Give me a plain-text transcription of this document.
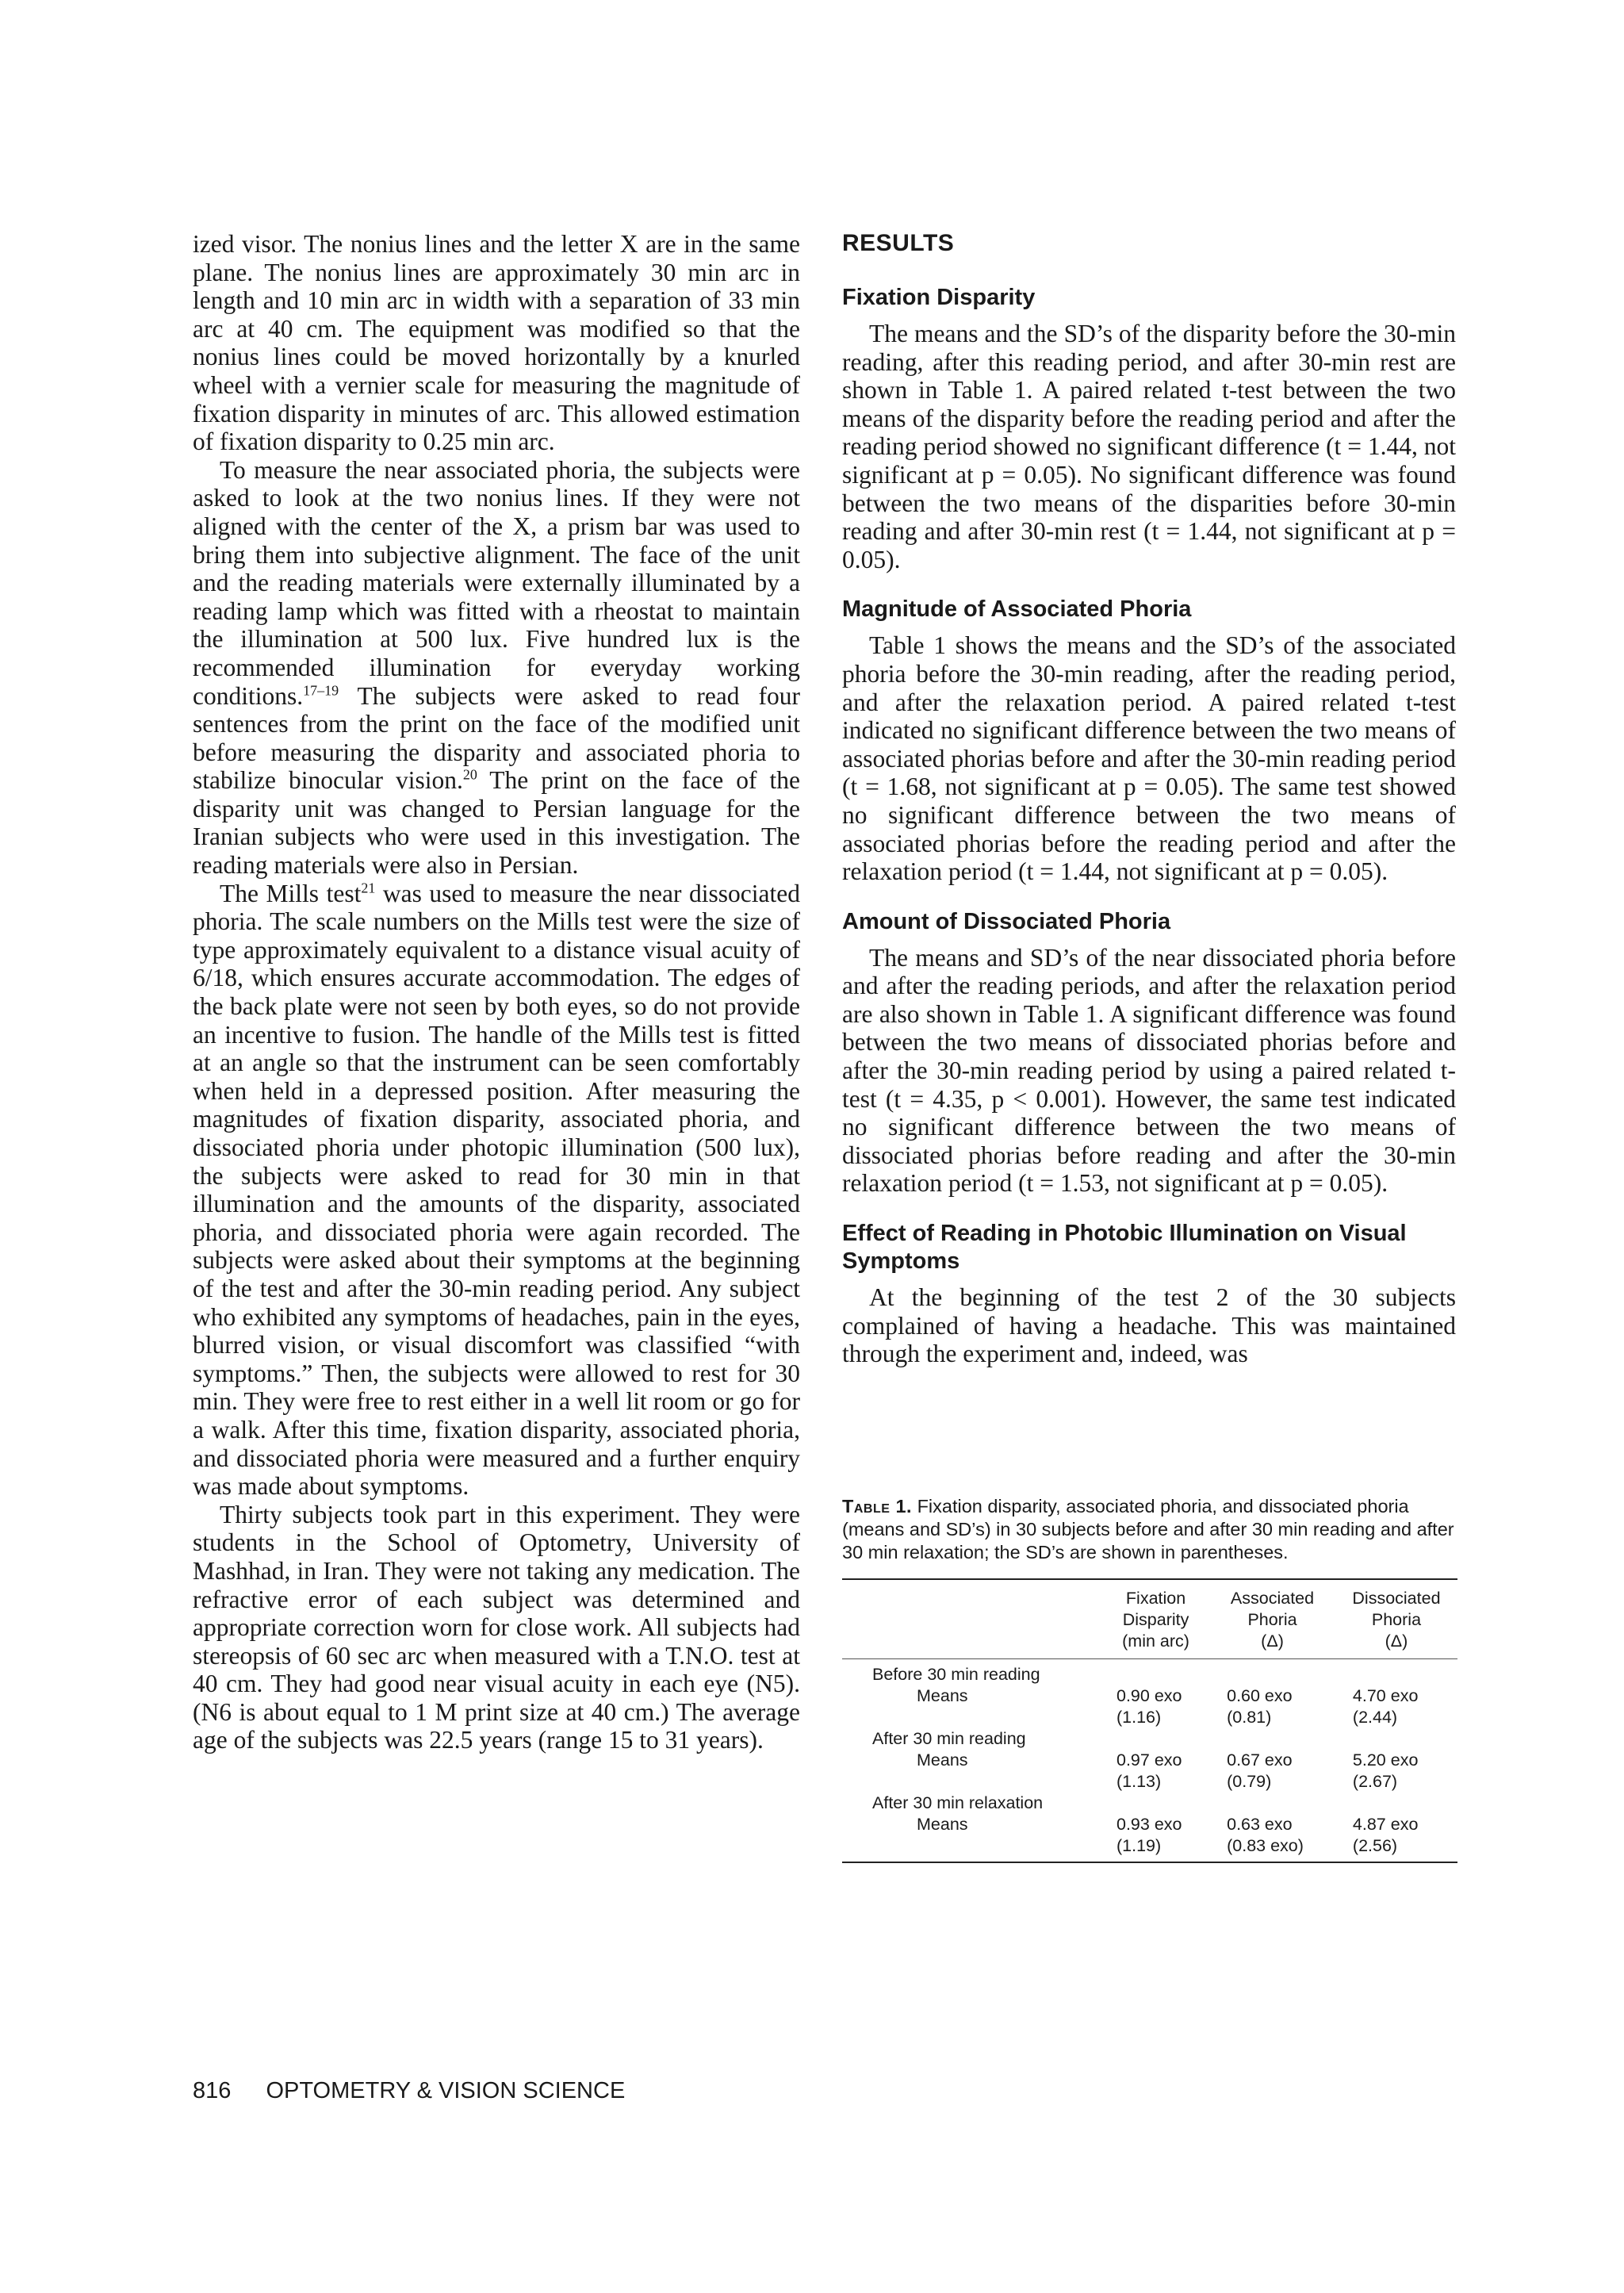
ized visor. The nonius lines and the letter X are in the same plane. The nonius lines are approximately 30 min arc in length and 10 min arc in width with a separation of 33 min arc at 40 cm. The equipment was modified so that the nonius lines could be moved horizontally by a knurled wheel with a vernier scale for measuring the magnitude of fixation disparity in minutes of arc. This allowed estimation of fixation disparity to 0.25 min arc.

To measure the near associated phoria, the subjects were asked to look at the two nonius lines. If they were not aligned with the center of the X, a prism bar was used to bring them into subjective alignment. The face of the unit and the reading materials were externally illuminated by a reading lamp which was fitted with a rheostat to maintain the illumination at 500 lux. Five hundred lux is the recommended illumination for everyday working conditions.$^{17-19}$ The subjects were asked to read four sentences from the print on the face of the modified unit before measuring the disparity and associated phoria to stabilize binocular vision.$^{20}$ The print on the face of the disparity unit was changed to Persian language for the Iranian subjects who were used in this investigation. The reading materials were also in Persian.

The Mills test$^{21}$ was used to measure the near dissociated phoria. The scale numbers on the Mills test were the size of type approximately equivalent to a distance visual acuity of 6/18, which ensures accurate accommodation. The edges of the back plate were not seen by both eyes, so do not provide an incentive to fusion. The handle of the Mills test is fitted at an angle so that the instrument can be seen comfortably when held in a depressed position. After measuring the magnitudes of fixation disparity, associated phoria, and dissociated phoria under photopic illumination (500 lux), the subjects were asked to read for 30 min in that illumination and the amounts of the disparity, associated phoria, and dissociated phoria were again recorded. The subjects were asked about their symptoms at the beginning of the test and after the 30-min reading period. Any subject who exhibited any symptoms of headaches, pain in the eyes, blurred vision, or visual discomfort was classified “with symptoms.” Then, the subjects were allowed to rest for 30 min. They were free to rest either in a well lit room or go for a walk. After this time, fixation disparity, associated phoria, and dissociated phoria were measured and a further enquiry was made about symptoms.

Thirty subjects took part in this experiment. They were students in the School of Optometry, University of Mashhad, in Iran. They were not taking any medication. The refractive error of each subject was determined and appropriate correction worn for close work. All subjects had stereopsis of 60 sec arc when measured with a T.N.O. test at 40 cm. They had good near visual acuity in each eye (N5). (N6 is about equal to 1 M print size at 40 cm.) The average age of the subjects was 22.5 years (range 15 to 31 years).

RESULTS
Fixation Disparity

The means and the SD’s of the disparity before the 30-min reading, after this reading period, and after 30-min rest are shown in Table 1. A paired related t-test between the two means of the disparity before the reading period and after the reading period showed no significant difference (t = 1.44, not significant at p = 0.05). No significant difference was found between the two means of the disparities before 30-min reading and after 30-min rest (t = 1.44, not significant at p = 0.05).

Magnitude of Associated Phoria

Table 1 shows the means and the SD’s of the associated phoria before the 30-min reading, after the reading period, and after the relaxation period. A paired related t-test indicated no significant difference between the two means of associated phorias before and after the 30-min reading period (t = 1.68, not significant at p = 0.05). The same test showed no significant difference between the two means of associated phorias before the reading period and after the relaxation period (t = 1.44, not significant at p = 0.05).

Amount of Dissociated Phoria

The means and SD’s of the near dissociated phoria before and after the reading periods, and after the relaxation period are also shown in Table 1. A significant difference was found between the two means of dissociated phorias before and after the 30-min reading period by using a paired related t-test (t = 4.35, p < 0.001). However, the same test indicated no significant difference between the two means of dissociated phorias before reading and after the 30-min relaxation period (t = 1.53, not significant at p = 0.05).

Effect of Reading in Photobic Illumination on Visual Symptoms

At the beginning of the test 2 of the 30 subjects complained of having a headache. This was maintained through the experiment and, indeed, was

Table 1. Fixation disparity, associated phoria, and dissociated phoria (means and SD’s) in 30 subjects before and after 30 min reading and after 30 min relaxation; the SD’s are shown in parentheses.

	Fixation
Disparity
(min arc)	Associated
Phoria
(Δ)	Dissociated
Phoria
(Δ)
Before 30 min reading			
Means	0.90 exo	0.60 exo	4.70 exo
	(1.16)	(0.81)	(2.44)
After 30 min reading			
Means	0.97 exo	0.67 exo	5.20 exo
	(1.13)	(0.79)	(2.67)
After 30 min relaxation			
Means	0.93 exo	0.63 exo	4.87 exo
	(1.19)	(0.83 exo)	(2.56)
816 OPTOMETRY & VISION SCIENCE
